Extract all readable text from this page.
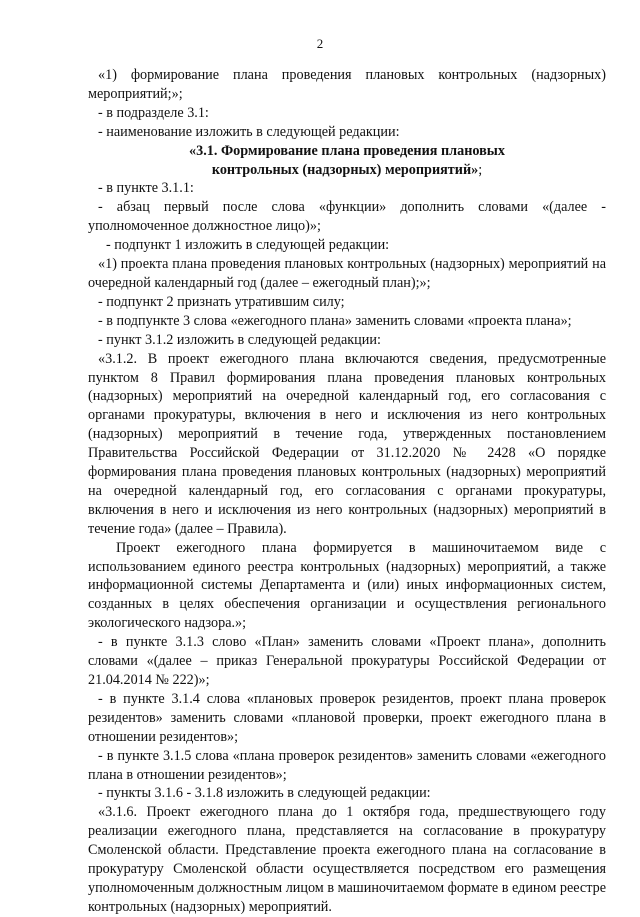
2

«1) формирование плана проведения плановых контрольных (надзорных) мероприятий;»;

- в подразделе 3.1:

- наименование изложить в следующей редакции:

«3.1. Формирование плана проведения плановых
контрольных (надзорных) мероприятий»;

- в пункте 3.1.1:

- абзац первый после слова «функции» дополнить словами «(далее - уполномоченное должностное лицо)»;

- подпункт 1 изложить в следующей редакции:

«1) проекта плана проведения плановых контрольных (надзорных) мероприятий на очередной календарный год (далее – ежегодный план);»;

- подпункт 2 признать утратившим силу;

- в подпункте 3 слова «ежегодного плана» заменить словами «проекта плана»;

- пункт 3.1.2 изложить в следующей редакции:

«3.1.2. В проект ежегодного плана включаются сведения, предусмотренные пунктом 8 Правил формирования плана проведения плановых контрольных (надзорных) мероприятий на очередной календарный год, его согласования с органами прокуратуры, включения в него и исключения из него контрольных (надзорных) мероприятий в течение года, утвержденных постановлением Правительства Российской Федерации от 31.12.2020 № 2428 «О порядке формирования плана проведения плановых контрольных (надзорных) мероприятий на очередной календарный год, его согласования с органами прокуратуры, включения в него и исключения из него контрольных (надзорных) мероприятий в течение года» (далее – Правила).

Проект ежегодного плана формируется в машиночитаемом виде с использованием единого реестра контрольных (надзорных) мероприятий, а также информационной системы Департамента и (или) иных информационных систем, созданных в целях обеспечения организации и осуществления регионального экологического надзора.»;

- в пункте 3.1.3 слово «План» заменить словами «Проект плана», дополнить словами «(далее – приказ Генеральной прокуратуры Российской Федерации от 21.04.2014 № 222)»;

- в пункте 3.1.4 слова «плановых проверок резидентов, проект плана проверок резидентов» заменить словами «плановой проверки, проект ежегодного плана в отношении резидентов»;

- в пункте 3.1.5 слова «плана проверок резидентов» заменить словами «ежегодного плана в отношении резидентов»;

- пункты 3.1.6 - 3.1.8 изложить в следующей редакции:

«3.1.6. Проект ежегодного плана до 1 октября года, предшествующего году реализации ежегодного плана, представляется на согласование в прокуратуру Смоленской области. Представление проекта ежегодного плана на согласование в прокуратуру Смоленской области осуществляется посредством его размещения уполномоченным должностным лицом в машиночитаемом формате в едином реестре контрольных (надзорных) мероприятий.
